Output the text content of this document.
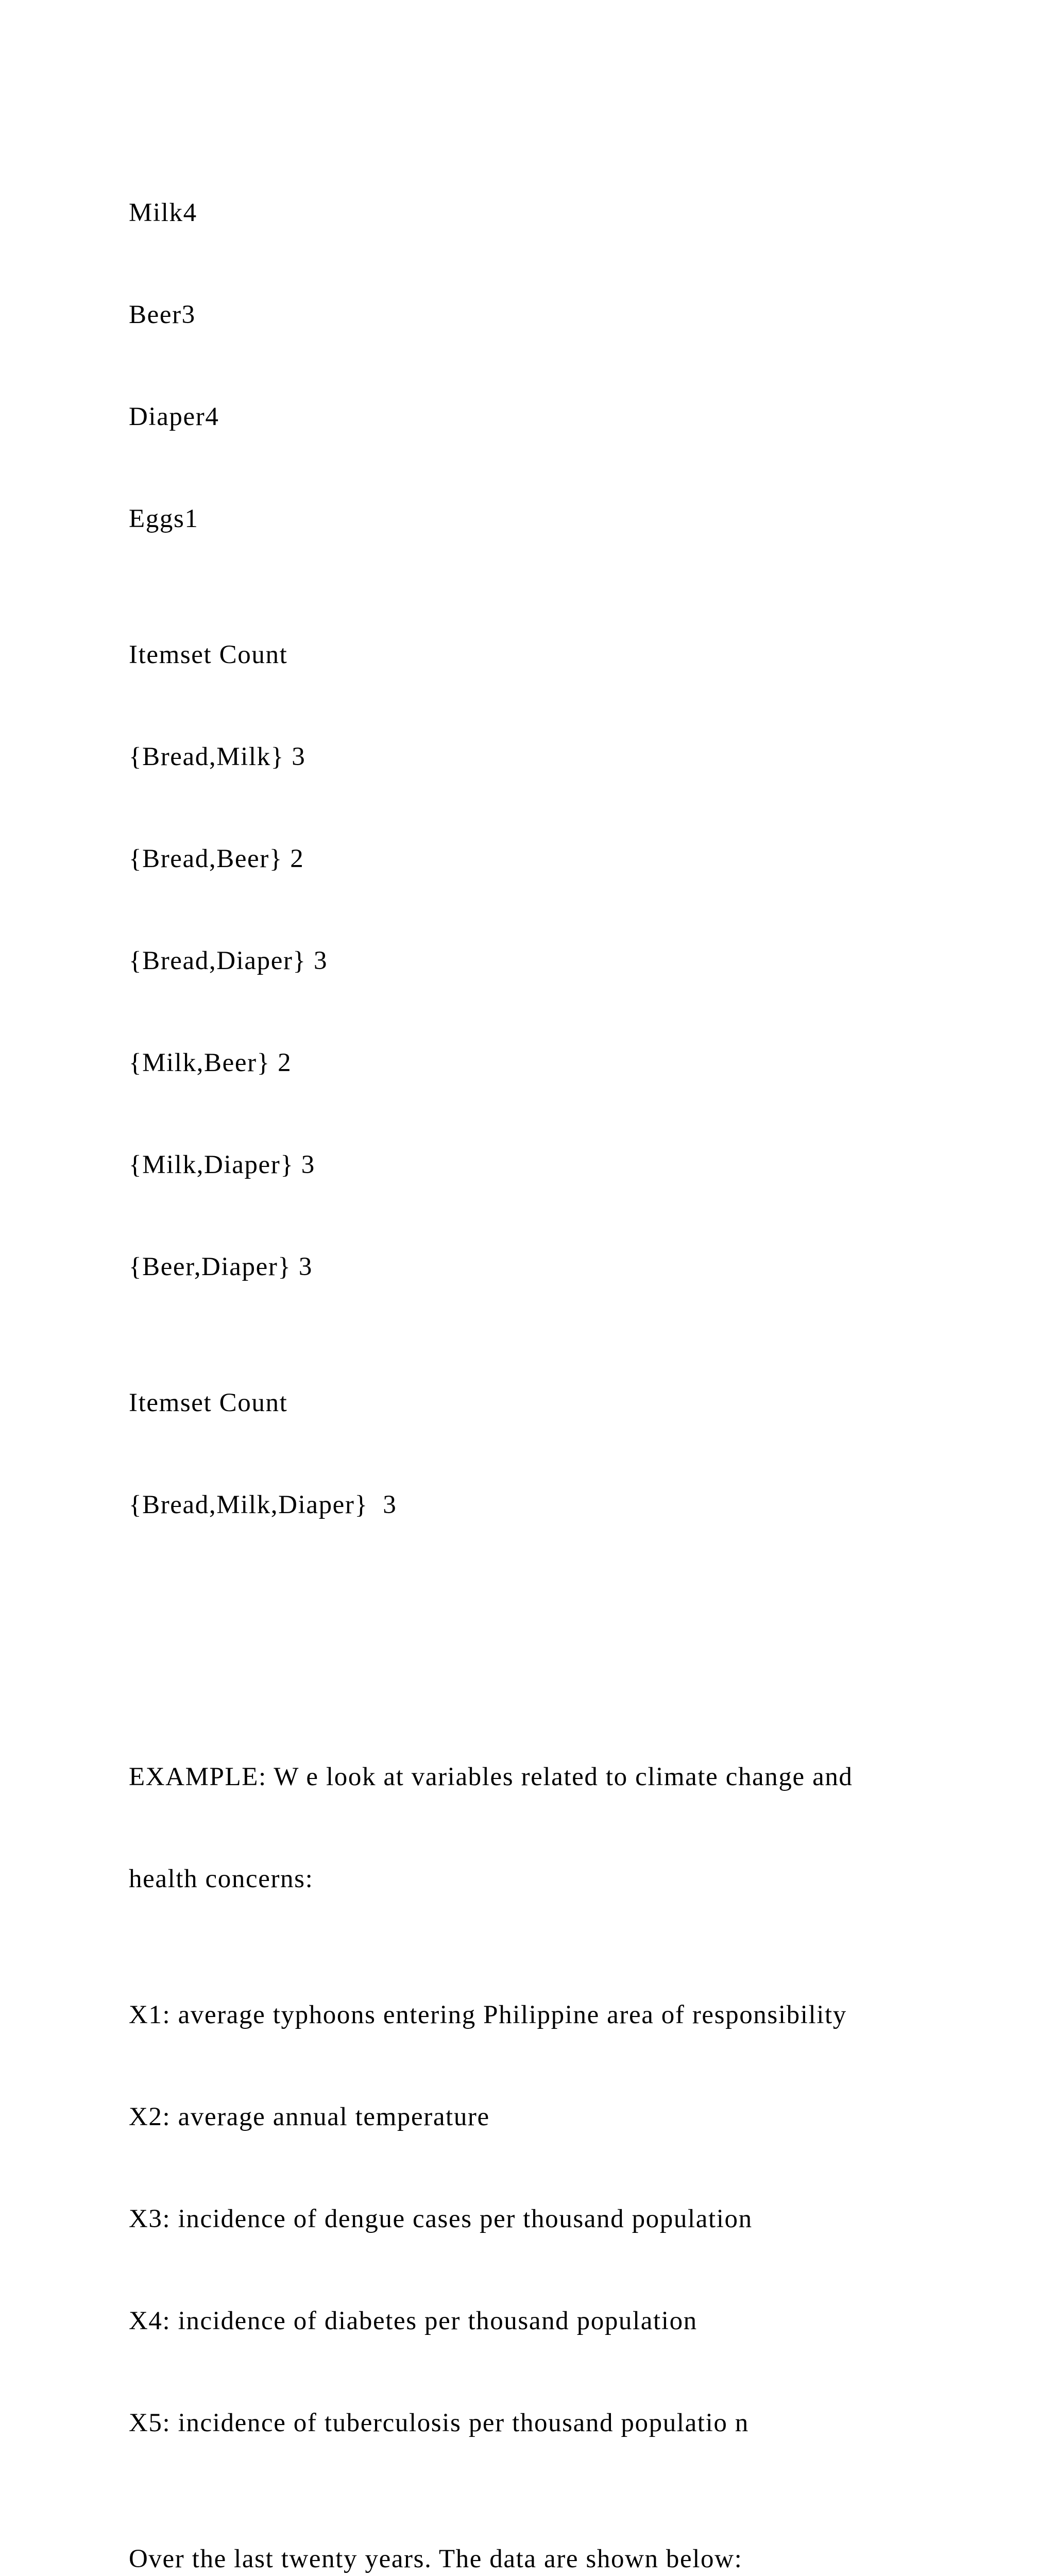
Milk4

Beer3

Diaper4

Eggs1

Itemset Count

{Bread,Milk} 3

{Bread,Beer} 2

{Bread,Diaper} 3

{Milk,Beer} 2

{Milk,Diaper} 3

{Beer,Diaper} 3

Itemset Count

{Bread,Milk,Diaper}  3

EXAMPLE: W e look at variables related to climate change and

health concerns:

X1: average typhoons entering Philippine area of responsibility

X2: average annual temperature

X3: incidence of dengue cases per thousand population

X4: incidence of diabetes per thousand population

X5: incidence of tuberculosis per thousand populatio n

Over the last twenty years. The data are shown below:
